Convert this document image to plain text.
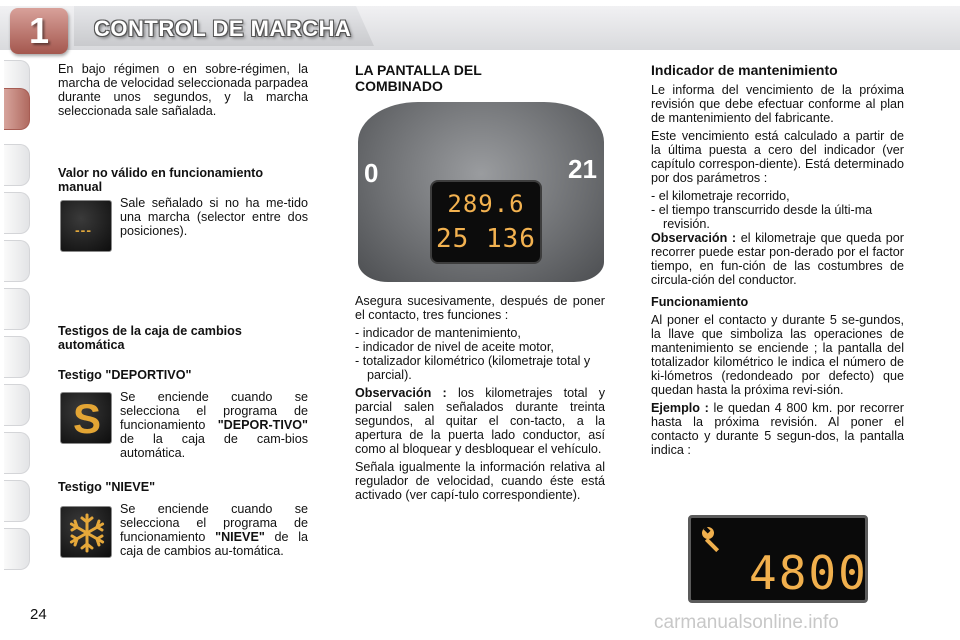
1	CONTROL DE MARCHA
En bajo régimen o en sobre-régimen, la marcha de velocidad seleccionada parpadea durante unos segundos, y la marcha seleccionada sale sañalada.
Valor no válido en funcionamiento manual
---
Sale señalado si no ha me-tido una marcha (selector entre dos posiciones).
Testigos de la caja de cambios automática
Testigo "DEPORTIVO"
S	Se enciende cuando se selecciona el programa de funcionamiento "DEPOR-TIVO" de la caja de cam-bios automática.
Testigo "NIEVE"
Se enciende cuando se selecciona el programa de funcionamiento "NIEVE" de la caja de cambios au-tomática.
LA PANTALLA DEL COMBINADO
0	21
289.6
25 136
Asegura sucesivamente, después de poner el contacto, tres funciones :
- indicador de mantenimiento,
- indicador de nivel de aceite motor,
- totalizador kilométrico (kilometraje total y parcial).
Observación : los kilometrajes total y parcial salen señalados durante treinta segundos, al quitar el con-tacto, a la apertura de la puerta lado conductor, así como al bloquear y desbloquear el vehículo.
Señala igualmente la información relativa al regulador de velocidad, cuando éste está activado (ver capí-tulo correspondiente).
Indicador de mantenimiento
Le informa del vencimiento de la próxima revisión que debe efectuar conforme al plan de mantenimiento del fabricante.
Este vencimiento está calculado a partir de la última puesta a cero del indicador (ver capítulo correspon-diente). Está determinado por dos parámetros :
- el kilometraje recorrido,
- el tiempo transcurrido desde la últi-ma revisión.
Observación : el kilometraje que queda por recorrer puede estar pon-derado por el factor tiempo, en fun-ción de las costumbres de circula-ción del conductor.
Funcionamiento
Al poner el contacto y durante 5 se-gundos, la llave que simboliza las operaciones de mantenimiento se enciende ; la pantalla del totalizador kilométrico le indica el número de ki-lómetros (redondeado por defecto) que quedan hasta la próxima revi-sión.
Ejemplo : le quedan 4 800 km. por recorrer hasta la próxima revisión. Al poner el contacto y durante 5 segun-dos, la pantalla indica :
4800
24	carmanualsonline.info
